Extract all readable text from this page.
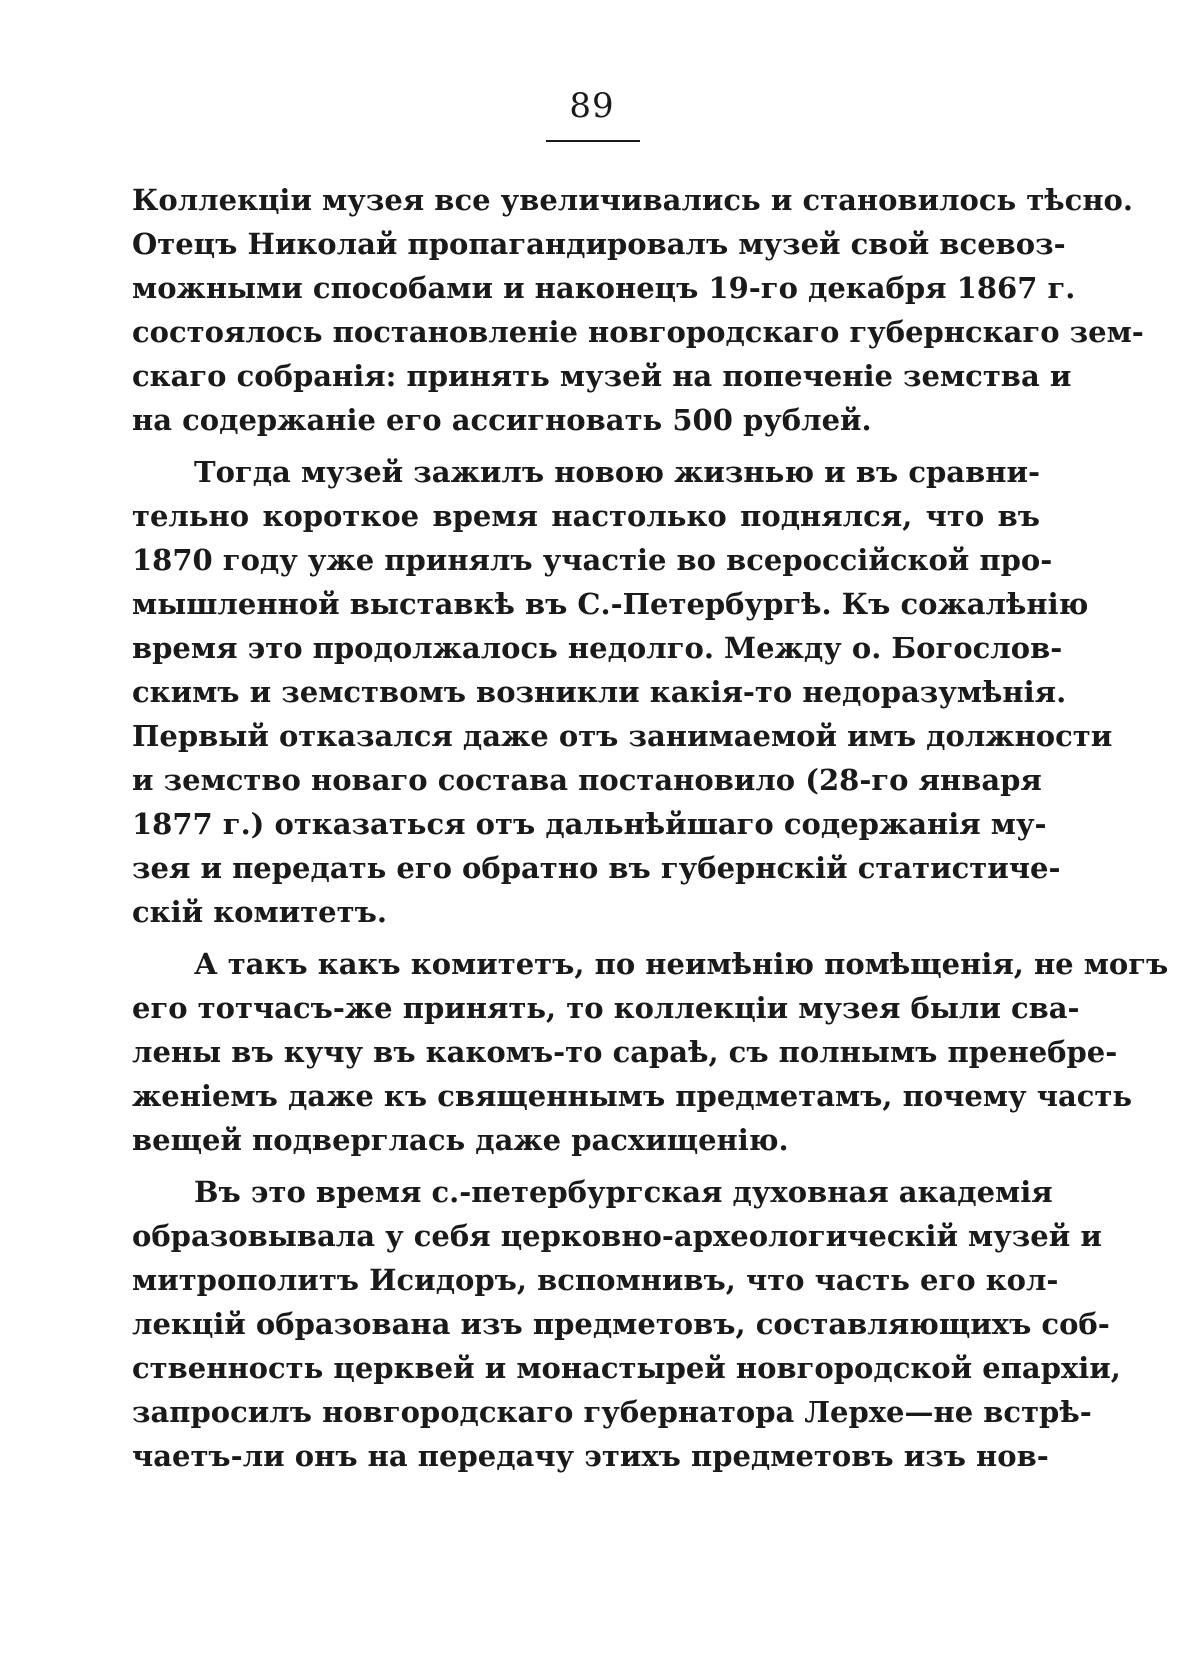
89
Коллекціи музея все увеличивались и становилось тѣсно.
Отецъ Николай пропагандировалъ музей свой всевоз-
можными способами и наконецъ 19-го декабря 1867 г.
состоялось постановленіе новгородскаго губернскаго зем-
скаго собранія: принять музей на попеченіе земства и
на содержаніе его ассигновать 500 рублей.
Тогда музей зажилъ новою жизнью и въ сравни-
тельно короткое время настолько поднялся, что въ
1870 году уже принялъ участіе во всероссійской про-
мышленной выставкѣ въ С.-Петербургѣ. Къ сожалѣнію
время это продолжалось недолго. Между о. Богослов-
скимъ и земствомъ возникли какія-то недоразумѣнія.
Первый отказался даже отъ занимаемой имъ должности
и земство новаго состава постановило (28-го января
1877 г.) отказаться отъ дальнѣйшаго содержанія му-
зея и передать его обратно въ губернскій статистиче-
скій комитетъ.
А такъ какъ комитетъ, по неимѣнію помѣщенія, не могъ
его тотчасъ-же принять, то коллекціи музея были сва-
лены въ кучу въ какомъ-то сараѣ, съ полнымъ пренебре-
женіемъ даже къ священнымъ предметамъ, почему часть
вещей подверглась даже расхищенію.
Въ это время с.-петербургская духовная академія
образовывала у себя церковно-археологическій музей и
митрополитъ Исидоръ, вспомнивъ, что часть его кол-
лекцій образована изъ предметовъ, составляющихъ соб-
ственность церквей и монастырей новгородской епархіи,
запросилъ новгородскаго губернатора Лерхе—не встрѣ-
чаетъ-ли онъ на передачу этихъ предметовъ изъ нов-
